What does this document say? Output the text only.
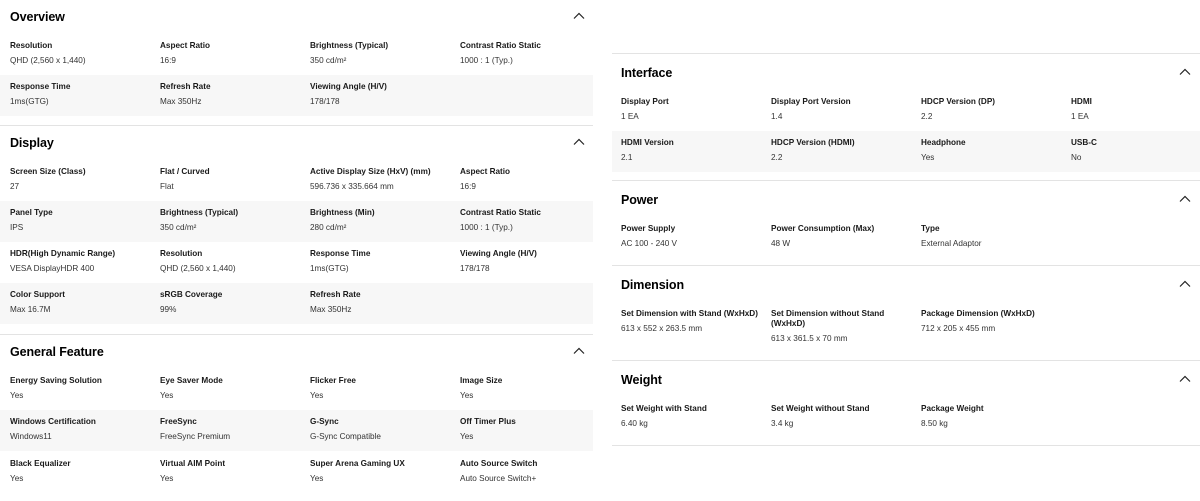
Overview
Resolution
QHD (2,560 x 1,440)
Aspect Ratio
16:9
Brightness (Typical)
350 cd/m²
Contrast Ratio Static
1000 : 1 (Typ.)
Response Time
1ms(GTG)
Refresh Rate
Max 350Hz
Viewing Angle (H/V)
178/178
Display
Screen Size (Class)
27
Flat / Curved
Flat
Active Display Size (HxV) (mm)
596.736 x 335.664 mm
Aspect Ratio
16:9
Panel Type
IPS
Brightness (Typical)
350 cd/m²
Brightness (Min)
280 cd/m²
Contrast Ratio Static
1000 : 1 (Typ.)
HDR(High Dynamic Range)
VESA DisplayHDR 400
Resolution
QHD (2,560 x 1,440)
Response Time
1ms(GTG)
Viewing Angle (H/V)
178/178
Color Support
Max 16.7M
sRGB Coverage
99%
Refresh Rate
Max 350Hz
General Feature
Energy Saving Solution
Yes
Eye Saver Mode
Yes
Flicker Free
Yes
Image Size
Yes
Windows Certification
Windows11
FreeSync
FreeSync Premium
G-Sync
G-Sync Compatible
Off Timer Plus
Yes
Black Equalizer
Yes
Virtual AIM Point
Yes
Super Arena Gaming UX
Yes
Auto Source Switch
Auto Source Switch+
Interface
Display Port
1 EA
Display Port Version
1.4
HDCP Version (DP)
2.2
HDMI
1 EA
HDMI Version
2.1
HDCP Version (HDMI)
2.2
Headphone
Yes
USB-C
No
Power
Power Supply
AC 100 - 240 V
Power Consumption (Max)
48 W
Type
External Adaptor
Dimension
Set Dimension with Stand (WxHxD)
613 x 552 x 263.5 mm
Set Dimension without Stand (WxHxD)
613 x 361.5 x 70 mm
Package Dimension (WxHxD)
712 x 205 x 455 mm
Weight
Set Weight with Stand
6.40 kg
Set Weight without Stand
3.4 kg
Package Weight
8.50 kg
